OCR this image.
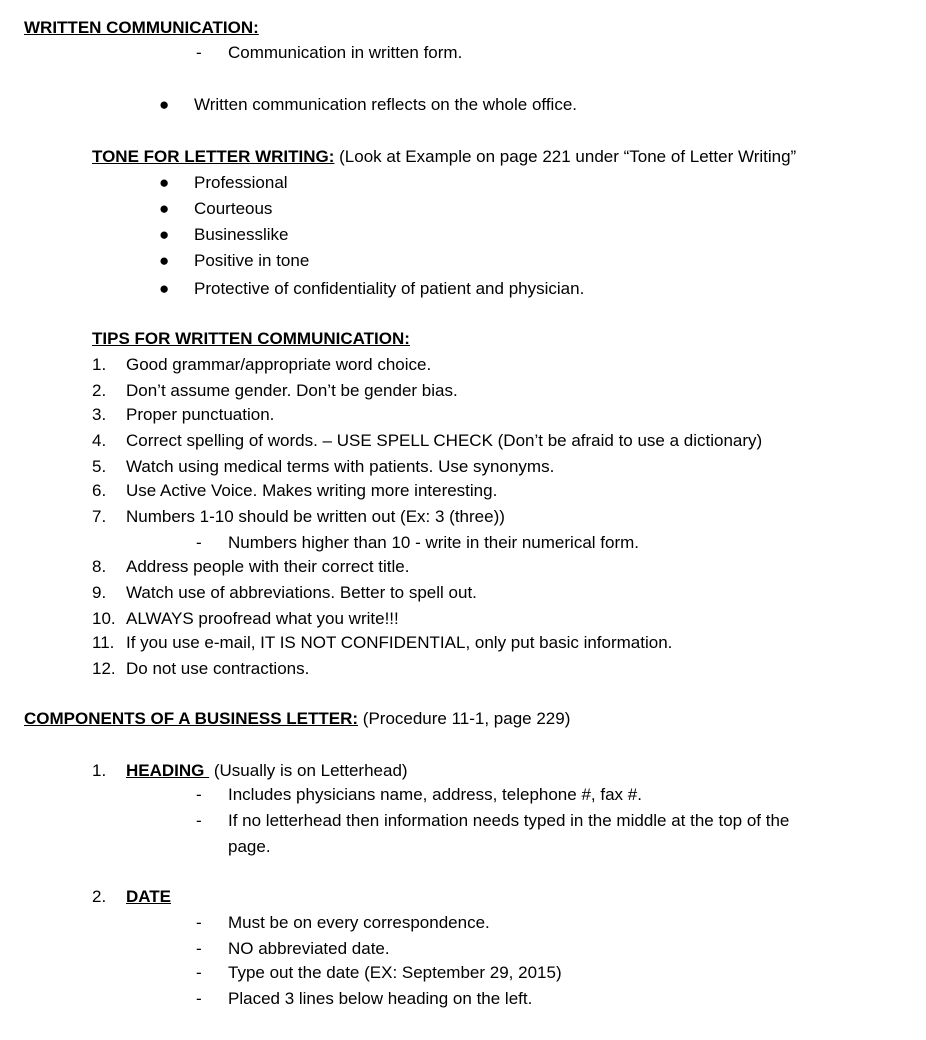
WRITTEN COMMUNICATION:
- Communication in written form.
● Written communication reflects on the whole office.
TONE FOR LETTER WRITING: (Look at Example on page 221 under “Tone of Letter Writing”
● Professional
● Courteous
● Businesslike
● Positive in tone
● Protective of confidentiality of patient and physician.
TIPS FOR WRITTEN COMMUNICATION:
1. Good grammar/appropriate word choice.
2. Don’t assume gender. Don’t be gender bias.
3. Proper punctuation.
4. Correct spelling of words. – USE SPELL CHECK (Don’t be afraid to use a dictionary)
5. Watch using medical terms with patients. Use synonyms.
6. Use Active Voice. Makes writing more interesting.
7. Numbers 1-10 should be written out (Ex: 3 (three))
- Numbers higher than 10 - write in their numerical form.
8. Address people with their correct title.
9. Watch use of abbreviations. Better to spell out.
10. ALWAYS proofread what you write!!!
11. If you use e-mail, IT IS NOT CONFIDENTIAL, only put basic information.
12. Do not use contractions.
COMPONENTS OF A BUSINESS LETTER: (Procedure 11-1, page 229)
1. HEADING  (Usually is on Letterhead)
- Includes physicians name, address, telephone #, fax #.
- If no letterhead then information needs typed in the middle at the top of the
page.
2. DATE
- Must be on every correspondence.
- NO abbreviated date.
- Type out the date (EX: September 29, 2015)
- Placed 3 lines below heading on the left.
